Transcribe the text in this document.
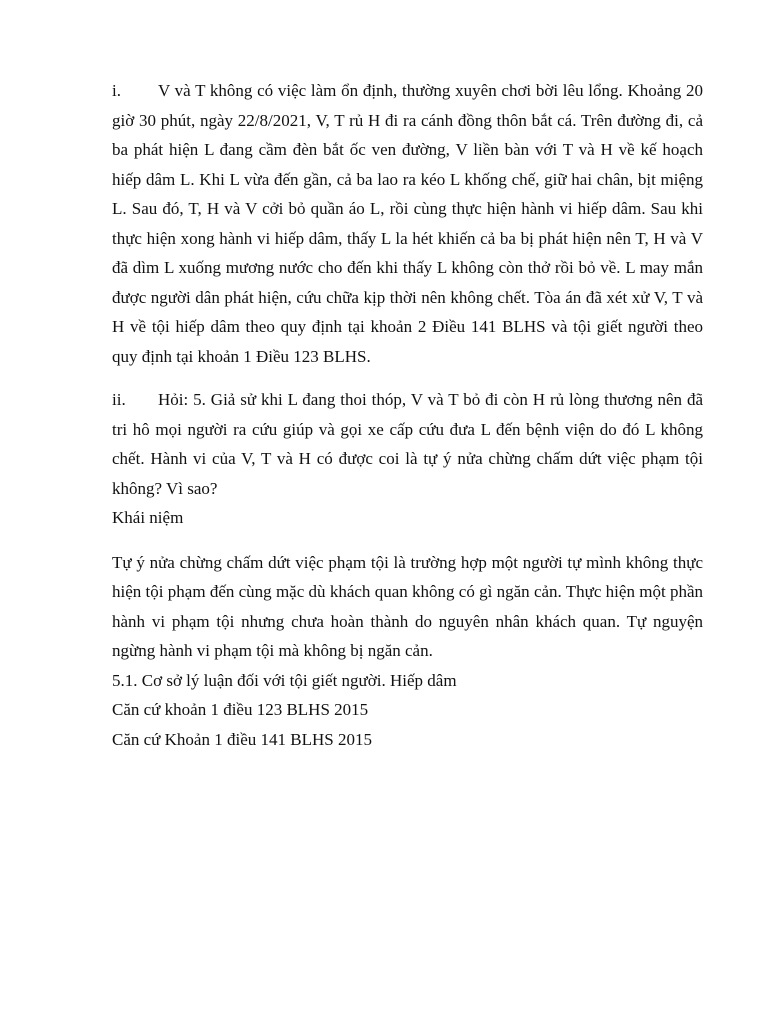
i. V và T không có việc làm ổn định, thường xuyên chơi bời lêu lổng. Khoảng 20 giờ 30 phút, ngày 22/8/2021, V, T rủ H đi ra cánh đồng thôn bắt cá. Trên đường đi, cả ba phát hiện L đang cầm đèn bắt ốc ven đường, V liền bàn với T và H về kế hoạch hiếp dâm L. Khi L vừa đến gần, cả ba lao ra kéo L khống chế, giữ hai chân, bịt miệng L. Sau đó, T, H và V cởi bỏ quần áo L, rồi cùng thực hiện hành vi hiếp dâm. Sau khi thực hiện xong hành vi hiếp dâm, thấy L la hét khiến cả ba bị phát hiện nên T, H và V đã dìm L xuống mương nước cho đến khi thấy L không còn thở rồi bỏ về. L may mắn được người dân phát hiện, cứu chữa kịp thời nên không chết. Tòa án đã xét xử V, T và H về tội hiếp dâm theo quy định tại khoản 2 Điều 141 BLHS và tội giết người theo quy định tại khoản 1 Điều 123 BLHS.

ii. Hỏi: 5. Giả sử khi L đang thoi thóp, V và T bỏ đi còn H rủ lòng thương nên đã tri hô mọi người ra cứu giúp và gọi xe cấp cứu đưa L đến bệnh viện do đó L không chết. Hành vi của V, T và H có được coi là tự ý nửa chừng chấm dứt việc phạm tội không? Vì sao?

Khái niệm

Tự ý nửa chừng chấm dứt việc phạm tội là trường hợp một người tự mình không thực hiện tội phạm đến cùng mặc dù khách quan không có gì ngăn cản. Thực hiện một phần hành vi phạm tội nhưng chưa hoàn thành do nguyên nhân khách quan. Tự nguyện ngừng hành vi phạm tội mà không bị ngăn cản.

5.1. Cơ sở lý luận đối với tội giết người. Hiếp dâm

Căn cứ khoản 1 điều 123 BLHS 2015

Căn cứ Khoản 1 điều 141 BLHS 2015
